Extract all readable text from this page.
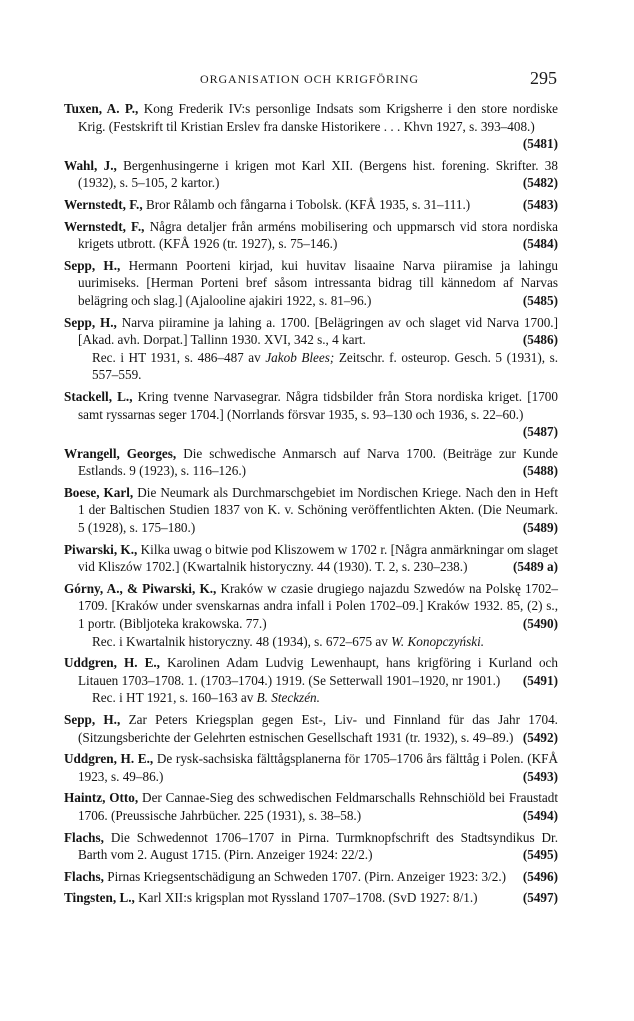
ORGANISATION OCH KRIGFÖRING	295
Tuxen, A. P., Kong Frederik IV:s personlige Indsats som Krigsherre i den store nordiske Krig. (Festskrift til Kristian Erslev fra danske Historikere . . . Khvn 1927, s. 393–408.)
(5481)
Wahl, J., Bergenhusingerne i krigen mot Karl XII. (Bergens hist. forening. Skrifter. 38 (1932), s. 5–105, 2 kartor.)	(5482)
Wernstedt, F., Bror Rålamb och fångarna i Tobolsk. (KFÅ 1935, s. 31–111.)	(5483)
Wernstedt, F., Några detaljer från arméns mobilisering och uppmarsch vid stora nordiska krigets utbrott. (KFÅ 1926 (tr. 1927), s. 75–146.)	(5484)
Sepp, H., Hermann Poorteni kirjad, kui huvitav lisaaine Narva piiramise ja lahingu uurimiseks. [Herman Porteni bref såsom intressanta bidrag till kännedom af Narvas belägring och slag.] (Ajalooline ajakiri 1922, s. 81–96.)	(5485)
Sepp, H., Narva piiramine ja lahing a. 1700. [Belägringen av och slaget vid Narva 1700.] [Akad. avh. Dorpat.] Tallinn 1930. XVI, 342 s., 4 kart.	(5486)
Rec. i HT 1931, s. 486–487 av Jakob Blees; Zeitschr. f. osteurop. Gesch. 5 (1931), s. 557–559.
Stackell, L., Kring tvenne Narvasegrar. Några tidsbilder från Stora nordiska kriget. [1700 samt ryssarnas seger 1704.] (Norrlands försvar 1935, s. 93–130 och 1936, s. 22–60.)
(5487)
Wrangell, Georges, Die schwedische Anmarsch auf Narva 1700. (Beiträge zur Kunde Estlands. 9 (1923), s. 116–126.)	(5488)
Boese, Karl, Die Neumark als Durchmarschgebiet im Nordischen Kriege. Nach den in Heft 1 der Baltischen Studien 1837 von K. v. Schöning veröffentlichten Akten. (Die Neumark. 5 (1928), s. 175–180.)	(5489)
Piwarski, K., Kilka uwag o bitwie pod Kliszowem w 1702 r. [Några anmärkningar om slaget vid Kliszów 1702.] (Kwartalnik historyczny. 44 (1930). T. 2, s. 230–238.)	(5489 a)
Górny, A., & Piwarski, K., Kraków w czasie drugiego najazdu Szwedów na Polskę 1702–1709. [Kraków under svenskarnas andra infall i Polen 1702–09.] Kraków 1932. 85, (2) s., 1 portr. (Bibljoteka krakowska. 77.)	(5490)
Rec. i Kwartalnik historyczny. 48 (1934), s. 672–675 av W. Konopczyński.
Uddgren, H. E., Karolinen Adam Ludvig Lewenhaupt, hans krigföring i Kurland och Litauen 1703–1708. 1. (1703–1704.) 1919. (Se Setterwall 1901–1920, nr 1901.)	(5491)
Rec. i HT 1921, s. 160–163 av B. Steckzén.
Sepp, H., Zar Peters Kriegsplan gegen Est-, Liv- und Finnland für das Jahr 1704. (Sitzungsberichte der Gelehrten estnischen Gesellschaft 1931 (tr. 1932), s. 49–89.) (5492)
Uddgren, H. E., De rysk-sachsiska fälttågsplanerna för 1705–1706 års fälttåg i Polen. (KFÅ 1923, s. 49–86.)	(5493)
Haintz, Otto, Der Cannae-Sieg des schwedischen Feldmarschalls Rehnschiöld bei Fraustadt 1706. (Preussische Jahrbücher. 225 (1931), s. 38–58.)	(5494)
Flachs, Die Schwedennot 1706–1707 in Pirna. Turmknopfschrift des Stadtsyndikus Dr. Barth vom 2. August 1715. (Pirn. Anzeiger 1924: 22/2.)	(5495)
Flachs, Pirnas Kriegsentschädigung an Schweden 1707. (Pirn. Anzeiger 1923: 3/2.)	(5496)
Tingsten, L., Karl XII:s krigsplan mot Ryssland 1707–1708. (SvD 1927: 8/1.)	(5497)
